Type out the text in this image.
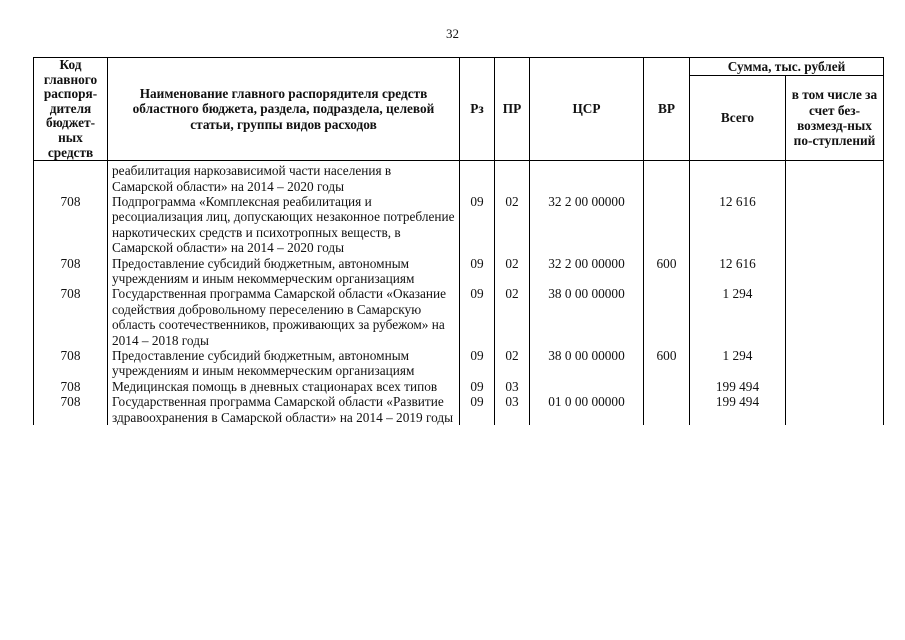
32
Код главного распоря-дителя бюджет-ных средств	Наименование главного распорядителя средств областного бюджета, раздела, подраздела, целевой статьи, группы видов расходов	Рз	ПР	ЦСР	ВР	Сумма, тыс. рублей	
						Всего	в том числе за счет без-возмезд-ных по-ступлений
	реабилитация наркозависимой части населения в Самарской области» на 2014 – 2020 годы						
708	Подпрограмма «Комплексная реабилитация и ресоциализация лиц, допускающих незаконное потребление наркотических средств и психотропных веществ, в Самарской области» на 2014 – 2020 годы	09	02	32 2 00 00000		12 616	
708	Предоставление субсидий бюджетным, автономным учреждениям и иным некоммерческим организациям	09	02	32 2 00 00000	600	12 616	
708	Государственная программа Самарской области «Оказание содействия добровольному переселению в Самарскую область соотечественников, проживающих за рубежом» на 2014 – 2018 годы	09	02	38 0 00 00000		1 294	
708	Предоставление субсидий бюджетным, автономным учреждениям и иным некоммерческим организациям	09	02	38 0 00 00000	600	1 294	
708	Медицинская помощь в дневных стационарах всех типов	09	03			199 494	
708	Государственная программа Самарской области «Развитие здравоохранения в Самарской области» на 2014 – 2019 годы	09	03	01 0 00 00000		199 494	
